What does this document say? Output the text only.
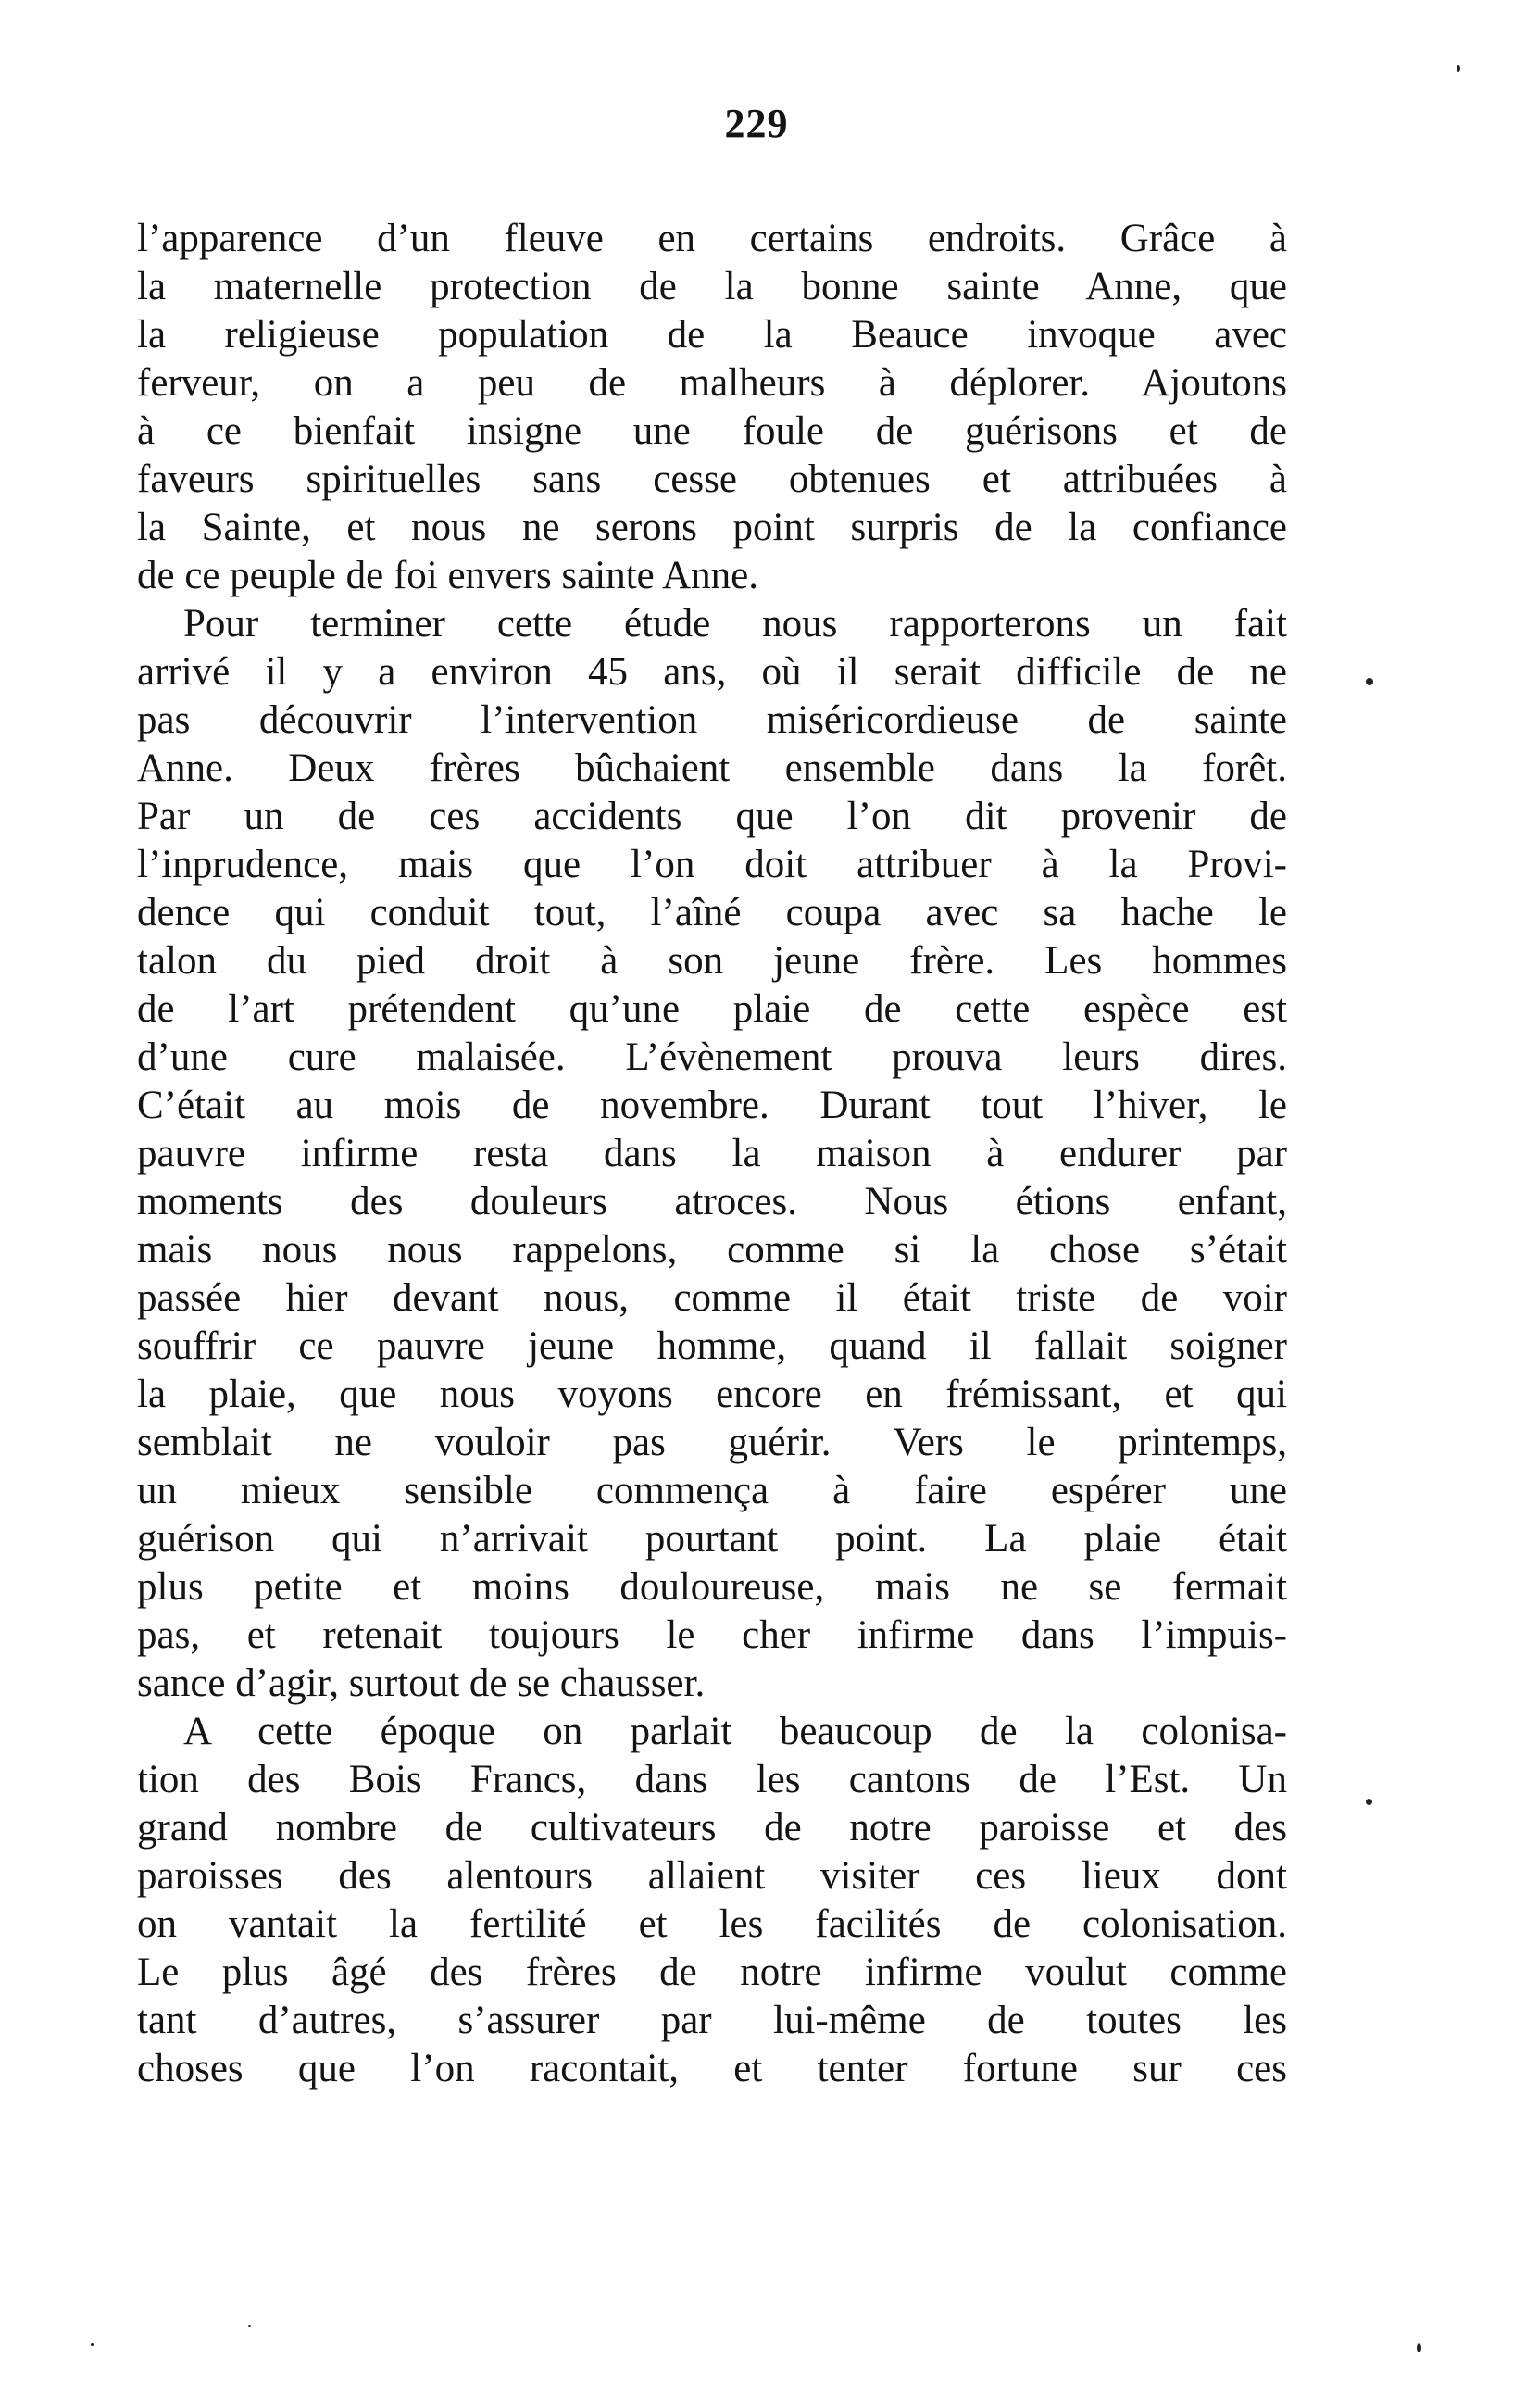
229
l’apparence d’un fleuve en certains endroits. Grâce à
la maternelle protection de la bonne sainte Anne, que
la religieuse population de la Beauce invoque avec
ferveur, on a peu de malheurs à déplorer. Ajoutons
à ce bienfait insigne une foule de guérisons et de
faveurs spirituelles sans cesse obtenues et attribuées à
la Sainte, et nous ne serons point surpris de la confiance
de ce peuple de foi envers sainte Anne.
Pour terminer cette étude nous rapporterons un fait
arrivé il y a environ 45 ans, où il serait difficile de ne
pas découvrir l’intervention miséricordieuse de sainte
Anne. Deux frères bûchaient ensemble dans la forêt.
Par un de ces accidents que l’on dit provenir de
l’inprudence, mais que l’on doit attribuer à la Provi-
dence qui conduit tout, l’aîné coupa avec sa hache le
talon du pied droit à son jeune frère. Les hommes
de l’art prétendent qu’une plaie de cette espèce est
d’une cure malaisée. L’évènement prouva leurs dires.
C’était au mois de novembre. Durant tout l’hiver, le
pauvre infirme resta dans la maison à endurer par
moments des douleurs atroces. Nous étions enfant,
mais nous nous rappelons, comme si la chose s’était
passée hier devant nous, comme il était triste de voir
souffrir ce pauvre jeune homme, quand il fallait soigner
la plaie, que nous voyons encore en frémissant, et qui
semblait ne vouloir pas guérir. Vers le printemps,
un mieux sensible commença à faire espérer une
guérison qui n’arrivait pourtant point. La plaie était
plus petite et moins douloureuse, mais ne se fermait
pas, et retenait toujours le cher infirme dans l’impuis-
sance d’agir, surtout de se chausser.
A cette époque on parlait beaucoup de la colonisa-
tion des Bois Francs, dans les cantons de l’Est. Un
grand nombre de cultivateurs de notre paroisse et des
paroisses des alentours allaient visiter ces lieux dont
on vantait la fertilité et les facilités de colonisation.
Le plus âgé des frères de notre infirme voulut comme
tant d’autres, s’assurer par lui-même de toutes les
choses que l’on racontait, et tenter fortune sur ces
